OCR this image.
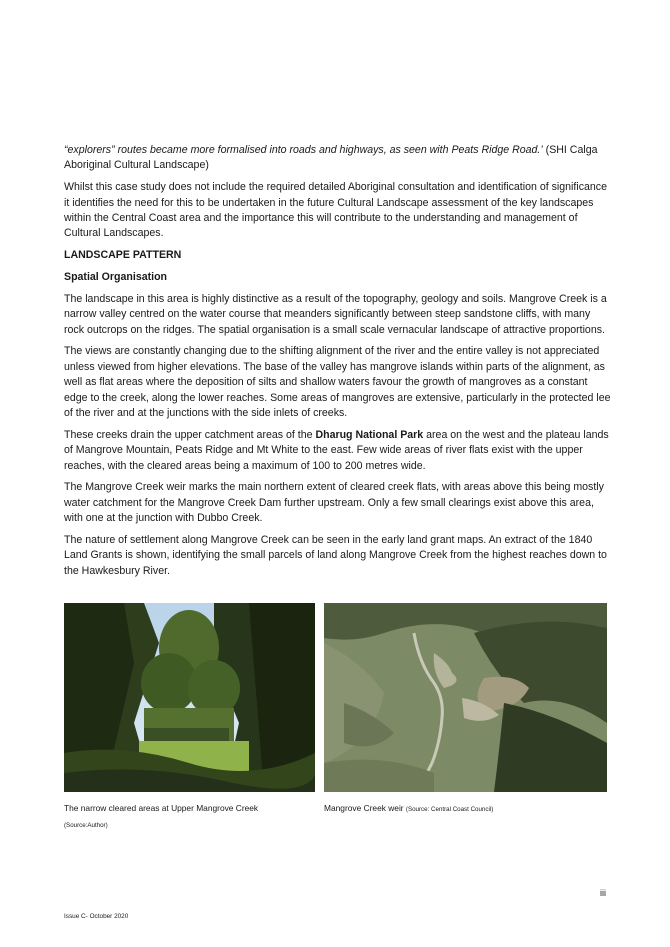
“explorers” routes became more formalised into roads and highways, as seen with Peats Ridge Road.’ (SHI Calga Aboriginal Cultural Landscape)

Whilst this case study does not include the required detailed Aboriginal consultation and identification of significance it identifies the need for this to be undertaken in the future Cultural Landscape assessment of the key landscapes within the Central Coast area and the importance this will contribute to the understanding and management of Cultural Landscapes.

LANDSCAPE PATTERN
Spatial Organisation

The landscape in this area is highly distinctive as a result of the topography, geology and soils. Mangrove Creek is a narrow valley centred on the water course that meanders significantly between steep sandstone cliffs, with many rock outcrops on the ridges. The spatial organisation is a small scale vernacular landscape of attractive proportions.

The views are constantly changing due to the shifting alignment of the river and the entire valley is not appreciated unless viewed from higher elevations. The base of the valley has mangrove islands within parts of the alignment, as well as flat areas where the deposition of silts and shallow waters favour the growth of mangroves as a constant edge to the creek, along the lower reaches. Some areas of mangroves are extensive, particularly in the protected lee of the river and at the junctions with the side inlets of creeks.

These creeks drain the upper catchment areas of the Dharug National Park area on the west and the plateau lands of Mangrove Mountain, Peats Ridge and Mt White to the east. Few wide areas of river flats exist with the upper reaches, with the cleared areas being a maximum of 100 to 200 metres wide.

The Mangrove Creek weir marks the main northern extent of cleared creek flats, with areas above this being mostly water catchment for the Mangrove Creek Dam further upstream. Only a few small clearings exist above this area, with one at the junction with Dubbo Creek.

The nature of settlement along Mangrove Creek can be seen in the early land grant maps. An extract of the 1840 Land Grants is shown, identifying the small parcels of land along Mangrove Creek from the highest reaches down to the Hawkesbury River.

The narrow cleared areas at Upper Mangrove Creek
(Source:Author)
Mangrove Creek weir (Source: Central Coast Council)
iii
Issue C- October 2020
